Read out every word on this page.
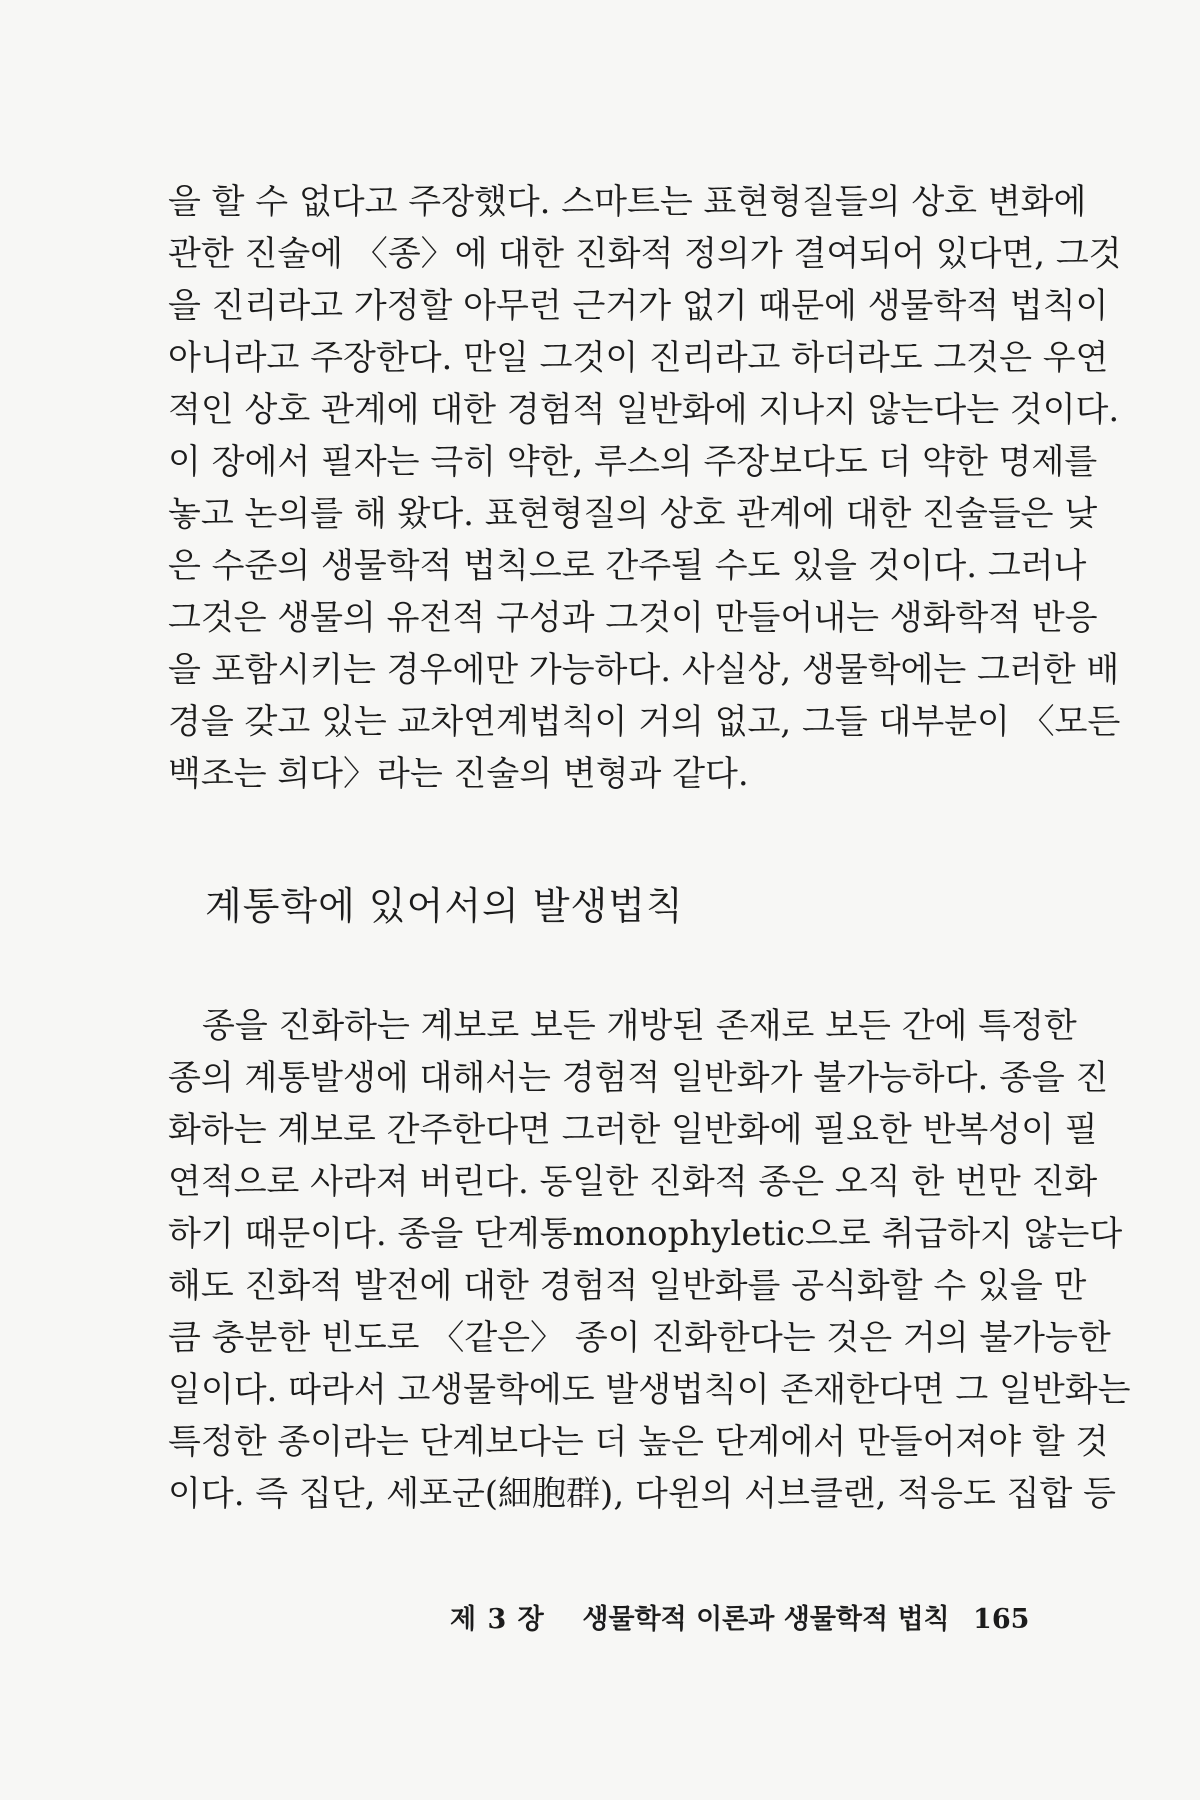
을 할 수 없다고 주장했다. 스마트는 표현형질들의 상호 변화에
관한 진술에 〈종〉에 대한 진화적 정의가 결여되어 있다면, 그것
을 진리라고 가정할 아무런 근거가 없기 때문에 생물학적 법칙이
아니라고 주장한다. 만일 그것이 진리라고 하더라도 그것은 우연
적인 상호 관계에 대한 경험적 일반화에 지나지 않는다는 것이다.
이 장에서 필자는 극히 약한, 루스의 주장보다도 더 약한 명제를
놓고 논의를 해 왔다. 표현형질의 상호 관계에 대한 진술들은 낮
은 수준의 생물학적 법칙으로 간주될 수도 있을 것이다. 그러나
그것은 생물의 유전적 구성과 그것이 만들어내는 생화학적 반응
을 포함시키는 경우에만 가능하다. 사실상, 생물학에는 그러한 배
경을 갖고 있는 교차연계법칙이 거의 없고, 그들 대부분이 〈모든
백조는 희다〉라는 진술의 변형과 같다.
계통학에 있어서의 발생법칙
종을 진화하는 계보로 보든 개방된 존재로 보든 간에 특정한
종의 계통발생에 대해서는 경험적 일반화가 불가능하다. 종을 진
화하는 계보로 간주한다면 그러한 일반화에 필요한 반복성이 필
연적으로 사라져 버린다. 동일한 진화적 종은 오직 한 번만 진화
하기 때문이다. 종을 단계통monophyletic으로 취급하지 않는다
해도 진화적 발전에 대한 경험적 일반화를 공식화할 수 있을 만
큼 충분한 빈도로 〈같은〉 종이 진화한다는 것은 거의 불가능한
일이다. 따라서 고생물학에도 발생법칙이 존재한다면 그 일반화는
특정한 종이라는 단계보다는 더 높은 단계에서 만들어져야 할 것
이다. 즉 집단, 세포군(細胞群), 다윈의 서브클랜, 적응도 집합 등
제 3 장 생물학적 이론과 생물학적 법칙 165
